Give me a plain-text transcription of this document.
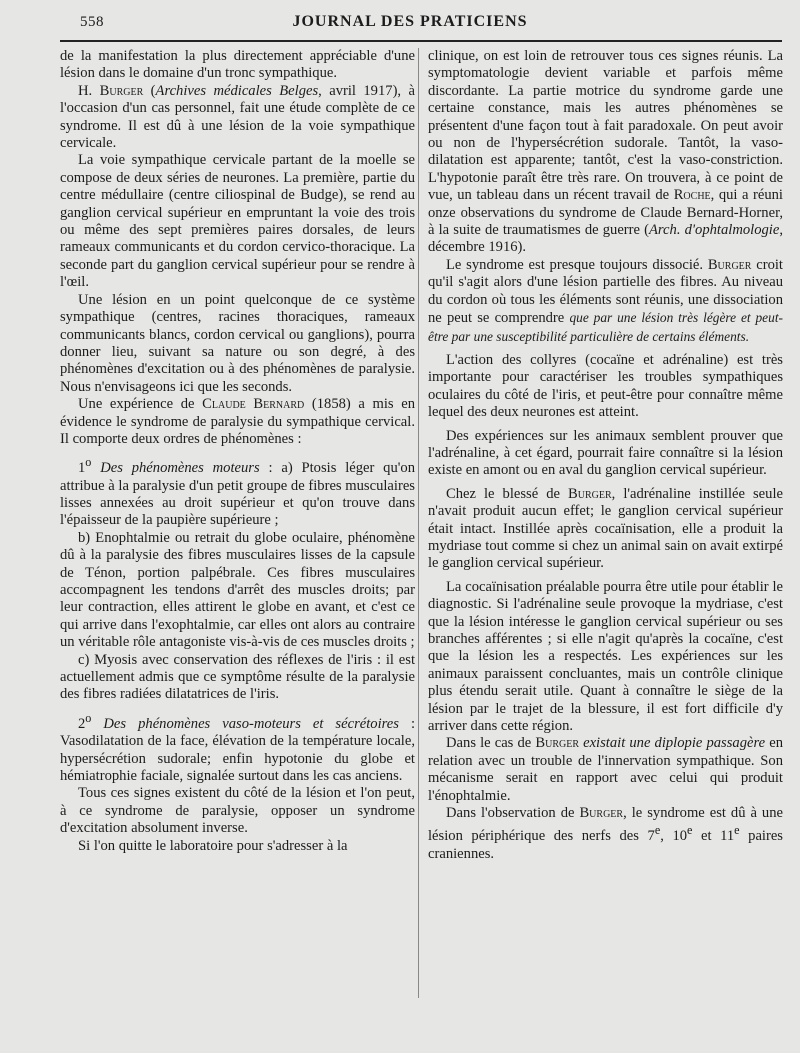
558	JOURNAL DES PRATICIENS

de la manifestation la plus directement appréciable d'une lésion dans le domaine d'un tronc sympathique.

H. Burger (Archives médicales Belges, avril 1917), à l'occasion d'un cas personnel, fait une étude complète de ce syndrome. Il est dû à une lésion de la voie sympathique cervicale.

La voie sympathique cervicale partant de la moelle se compose de deux séries de neurones. La première, partie du centre médullaire (centre ciliospinal de Budge), se rend au ganglion cervical supérieur en empruntant la voie des trois ou même des sept premières paires dorsales, de leurs rameaux communicants et du cordon cervico-thoracique. La seconde part du ganglion cervical supérieur pour se rendre à l'œil.

Une lésion en un point quelconque de ce système sympathique (centres, racines thoraciques, rameaux communicants blancs, cordon cervical ou ganglions), pourra donner lieu, suivant sa nature ou son degré, à des phénomènes d'excitation ou à des phénomènes de paralysie. Nous n'envisageons ici que les seconds.

Une expérience de Claude Bernard (1858) a mis en évidence le syndrome de paralysie du sympathique cervical. Il comporte deux ordres de phénomènes :

1$^o$ Des phénomènes moteurs : a) Ptosis léger qu'on attribue à la paralysie d'un petit groupe de fibres musculaires lisses annexées au droit supérieur et qu'on trouve dans l'épaisseur de la paupière supérieure ;

b) Enophtalmie ou retrait du globe oculaire, phénomène dû à la paralysie des fibres musculaires lisses de la capsule de Ténon, portion palpébrale. Ces fibres musculaires accompagnent les tendons d'arrêt des muscles droits; par leur contraction, elles attirent le globe en avant, et c'est ce qui arrive dans l'exophtalmie, car elles ont alors au contraire un véritable rôle antagoniste vis-à-vis de ces muscles droits ;

c) Myosis avec conservation des réflexes de l'iris : il est actuellement admis que ce symptôme résulte de la paralysie des fibres radiées dilatatrices de l'iris.

2$^o$ Des phénomènes vaso-moteurs et sécrétoires : Vasodilatation de la face, élévation de la température locale, hypersécrétion sudorale; enfin hypotonie du globe et hémiatrophie faciale, signalée surtout dans les cas anciens.

Tous ces signes existent du côté de la lésion et l'on peut, à ce syndrome de paralysie, opposer un syndrome d'excitation absolument inverse.

Si l'on quitte le laboratoire pour s'adresser à la

clinique, on est loin de retrouver tous ces signes réunis. La symptomatologie devient variable et parfois même discordante. La partie motrice du syndrome garde une certaine constance, mais les autres phénomènes se présentent d'une façon tout à fait paradoxale. On peut avoir ou non de l'hypersécrétion sudorale. Tantôt, la vaso-dilatation est apparente; tantôt, c'est la vaso-constriction. L'hypotonie paraît être très rare. On trouvera, à ce point de vue, un tableau dans un récent travail de Roche, qui a réuni onze observations du syndrome de Claude Bernard-Horner, à la suite de traumatismes de guerre (Arch. d'ophtalmologie, décembre 1916).

Le syndrome est presque toujours dissocié. Burger croit qu'il s'agit alors d'une lésion partielle des fibres. Au niveau du cordon où tous les éléments sont réunis, une dissociation ne peut se comprendre que par une lésion très légère et peut-être par une susceptibilité particulière de certains éléments.

L'action des collyres (cocaïne et adrénaline) est très importante pour caractériser les troubles sympathiques oculaires du côté de l'iris, et peut-être pour connaître même lequel des deux neurones est atteint.

Des expériences sur les animaux semblent prouver que l'adrénaline, à cet égard, pourrait faire connaître si la lésion existe en amont ou en aval du ganglion cervical supérieur.

Chez le blessé de Burger, l'adrénaline instillée seule n'avait produit aucun effet; le ganglion cervical supérieur était intact. Instillée après cocaïnisation, elle a produit la mydriase tout comme si chez un animal sain on avait extirpé le ganglion cervical supérieur.

La cocaïnisation préalable pourra être utile pour établir le diagnostic. Si l'adrénaline seule provoque la mydriase, c'est que la lésion intéresse le ganglion cervical supérieur ou ses branches afférentes ; si elle n'agit qu'après la cocaïne, c'est que la lésion les a respectés. Les expériences sur les animaux paraissent concluantes, mais un contrôle clinique plus étendu serait utile. Quant à connaître le siège de la lésion par le trajet de la blessure, il est fort difficile d'y arriver dans cette région.

Dans le cas de Burger existait une diplopie passagère en relation avec un trouble de l'innervation sympathique. Son mécanisme serait en rapport avec celui qui produit l'énophtalmie.

Dans l'observation de Burger, le syndrome est dû à une lésion périphérique des nerfs des 7e, 10e et 11e paires craniennes.
